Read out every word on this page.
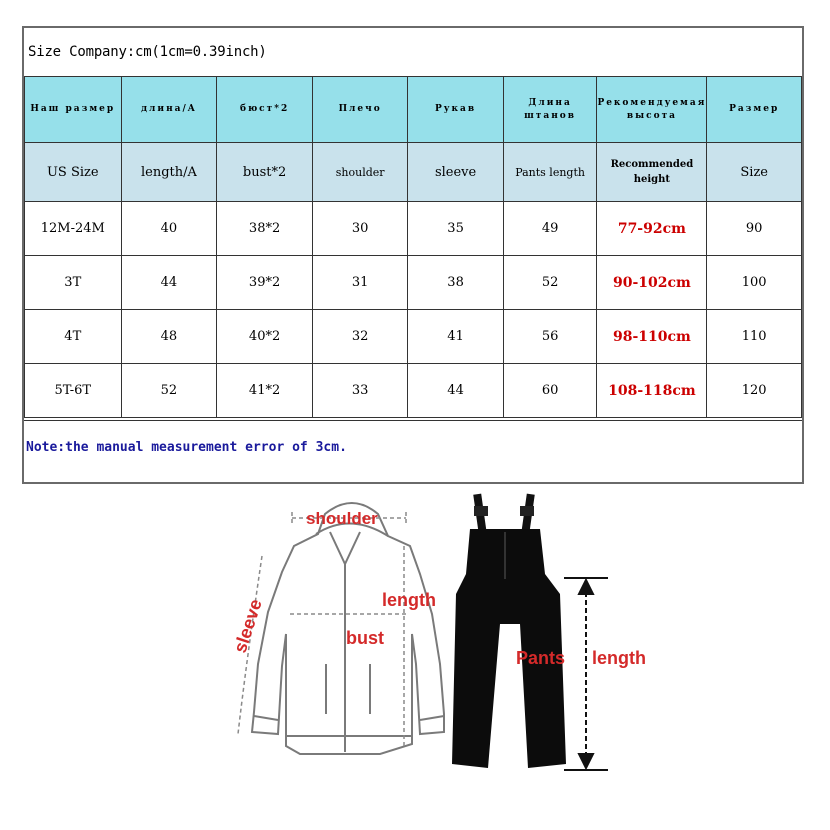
Size Company:cm(1cm=0.39inch)
Наш размер	длина/A	бюст*2	Плечо	Рукав	Длина штанов	Рекомендуемая высота	Размер
US Size	length/A	bust*2	shoulder	sleeve	Pants length	Recommended height	Size
12M-24M	40	38*2	30	35	49	77-92cm	90
3T	44	39*2	31	38	52	90-102cm	100
4T	48	40*2	32	41	56	98-110cm	110
5T-6T	52	41*2	33	44	60	108-118cm	120
Note:the manual measurement error of 3cm.
shoulder
sleeve	length
bust
Pants length
